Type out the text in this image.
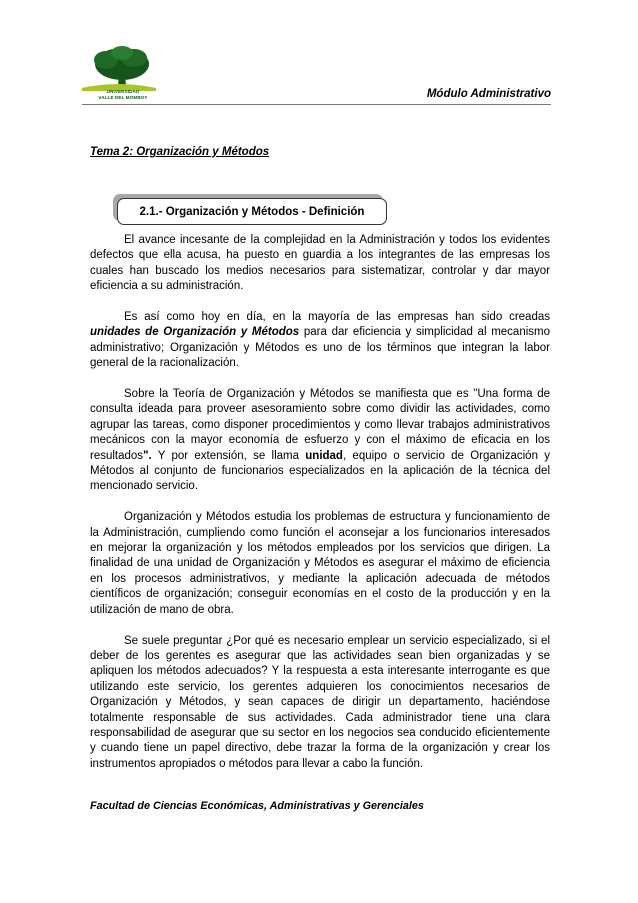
UNIVERSIDAD
VALLE DEL MOMBOY	Módulo Administrativo
Tema 2: Organización y Métodos
2.1.- Organización y Métodos - Definición

El avance incesante de la complejidad en la Administración y todos los evidentes defectos que ella acusa, ha puesto en guardia a los integrantes de las empresas los cuales han buscado los medios necesarios para sistematizar, controlar y dar mayor eficiencia a su administración.

Es así como hoy en día, en la mayoría de las empresas han sido creadas unidades de Organización y Métodos para dar eficiencia y simplicidad al mecanismo administrativo; Organización y Métodos es uno de los términos que integran la labor general de la racionalización.

Sobre la Teoría de Organización y Métodos se manifiesta que es "Una forma de consulta ideada para proveer asesoramiento sobre como dividir las actividades, como agrupar las tareas, como disponer procedimientos y como llevar trabajos administrativos mecánicos con la mayor economía de esfuerzo y con el máximo de eficacia en los resultados". Y por extensión, se llama unidad, equipo o servicio de Organización y Métodos al conjunto de funcionarios especializados en la aplicación de la técnica del mencionado servicio.

Organización y Métodos estudia los problemas de estructura y funcionamiento de la Administración, cumpliendo como función el aconsejar a los funcionarios interesados en mejorar la organización y los métodos empleados por los servicios que dirigen. La finalidad de una unidad de Organización y Métodos es asegurar el máximo de eficiencia en los procesos administrativos, y mediante la aplicación adecuada de métodos científicos de organización; conseguir economías en el costo de la producción y en la utilización de mano de obra.

Se suele preguntar ¿Por qué es necesario emplear un servicio especializado, si el deber de los gerentes es asegurar que las actividades sean bien organizadas y se apliquen los métodos adecuados? Y la respuesta a esta interesante interrogante es que utilizando este servicio, los gerentes adquieren los conocimientos necesarios de Organización y Métodos, y sean capaces de dirigir un departamento, haciéndose totalmente responsable de sus actividades. Cada administrador tiene una clara responsabilidad de asegurar que su sector en los negocios sea conducido eficientemente y cuando tiene un papel directivo, debe trazar la forma de la organización y crear los instrumentos apropiados o métodos para llevar a cabo la función.

Facultad de Ciencias Económicas, Administrativas y Gerenciales
